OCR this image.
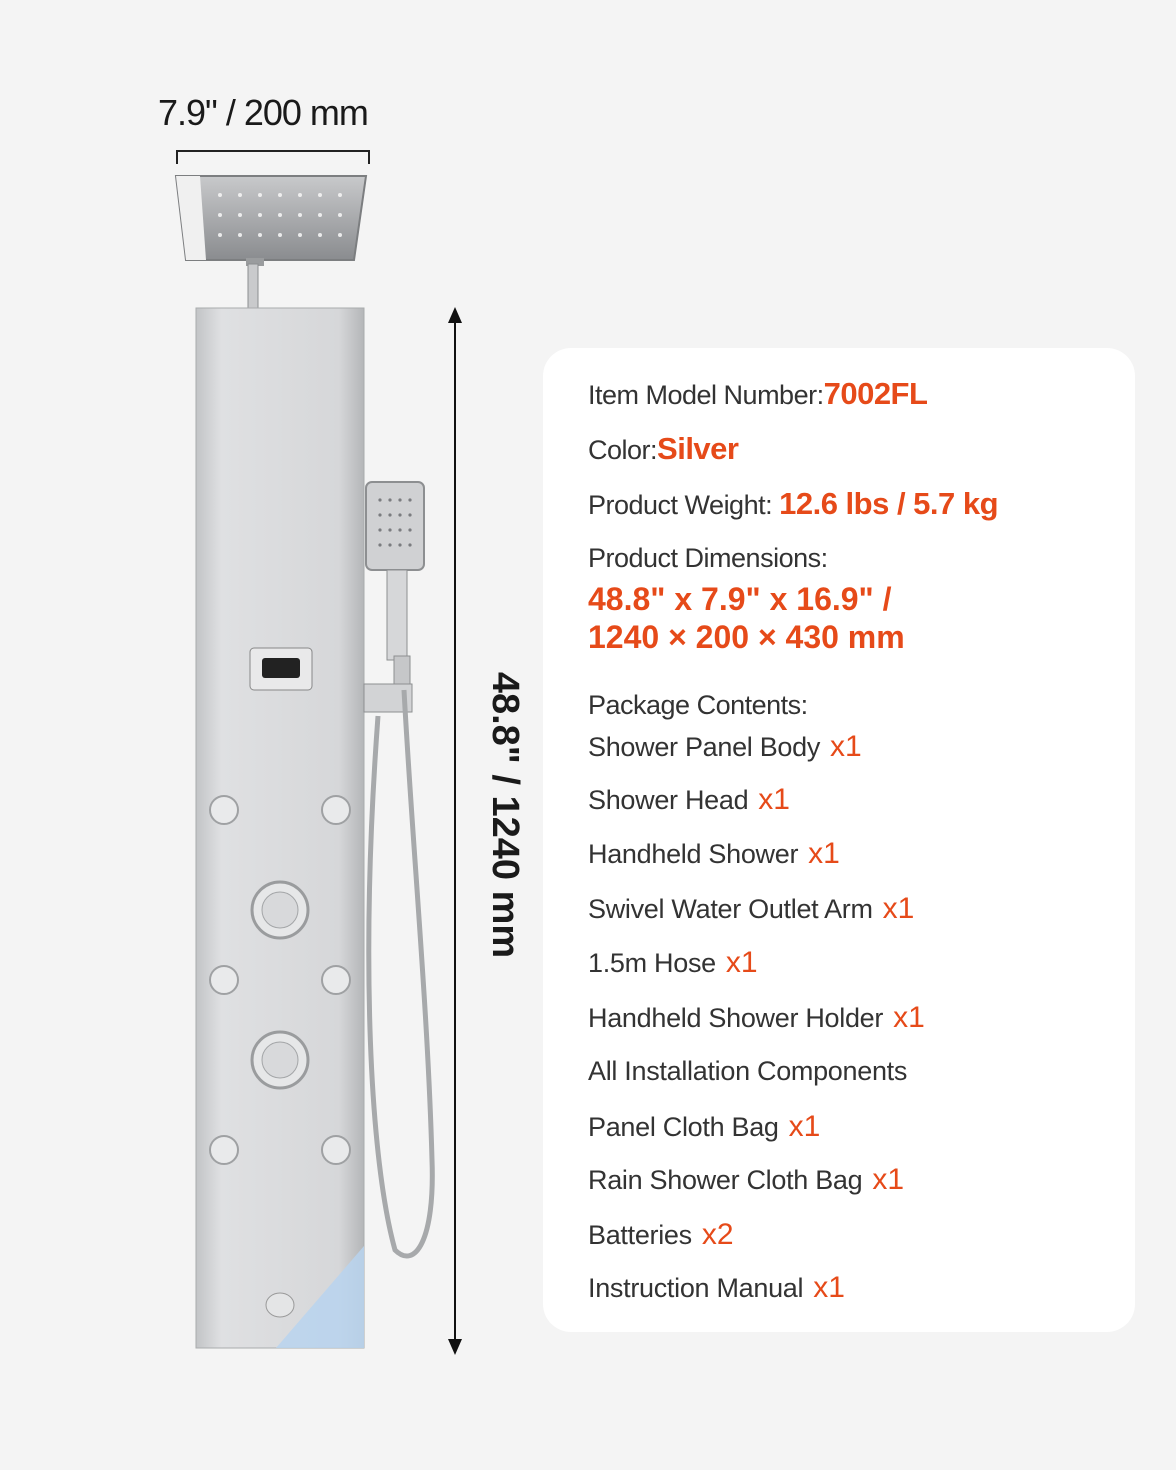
7.9" / 200 mm
48.8" / 1240 mm
Item Model Number:7002FL
Color:Silver
Product Weight: 12.6 lbs / 5.7 kg
Product Dimensions:
48.8" x 7.9" x 16.9" /
1240 × 200 × 430 mm
Package Contents:
Shower Panel Body x1
Shower Head x1
Handheld Shower x1
Swivel Water Outlet Arm x1
1.5m Hose x1
Handheld Shower Holder x1
All Installation Components
Panel Cloth Bag x1
Rain Shower Cloth Bag x1
Batteries x2
Instruction Manual x1
